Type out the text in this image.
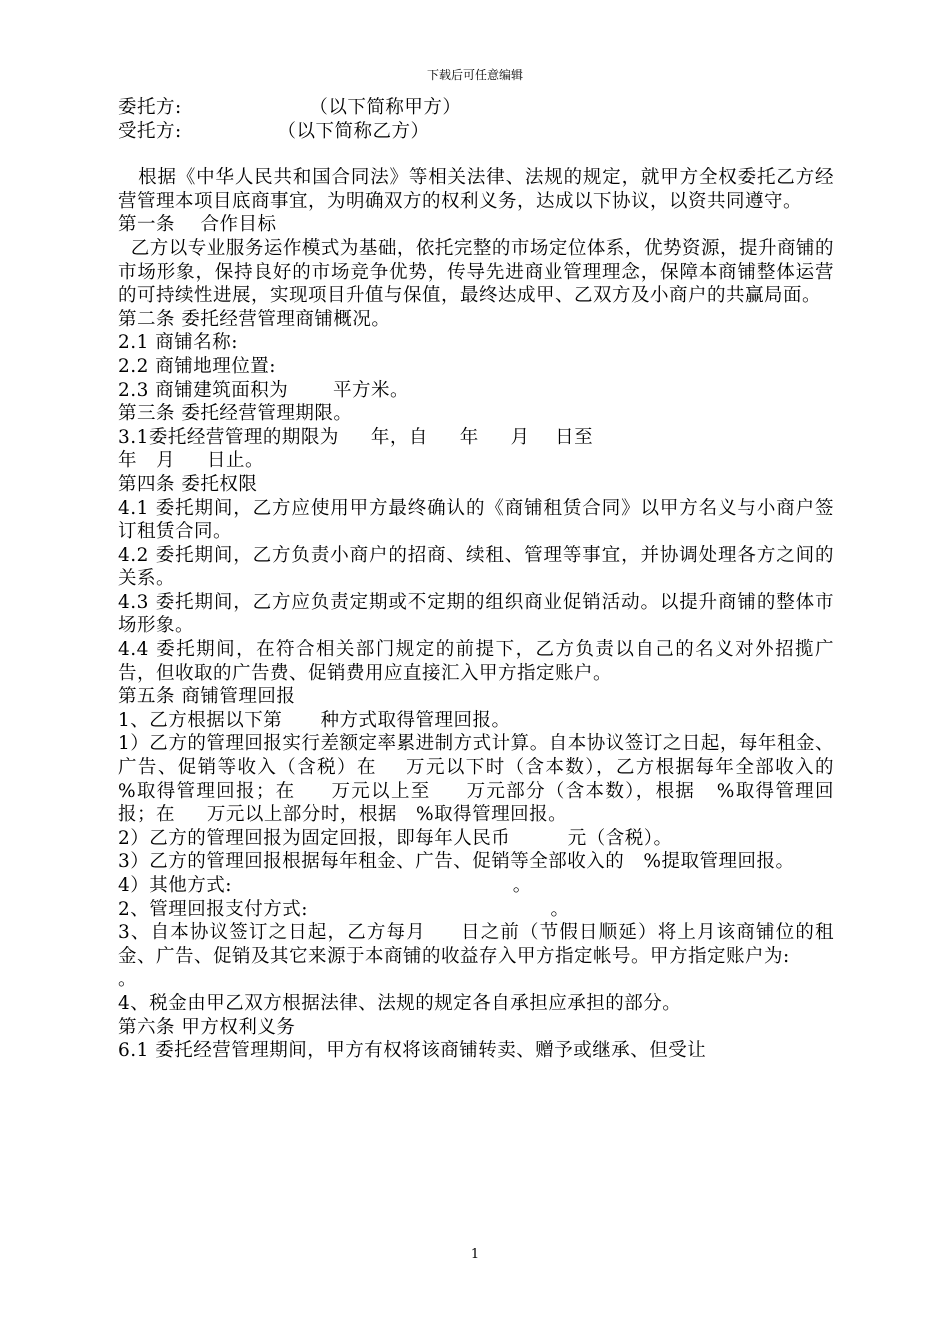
下载后可任意编辑

委托方:                    （以下简称甲方）

受托方:               （以下简称乙方）

根据《中华人民共和国合同法》等相关法律、法规的规定，就甲方全权委托乙方经营管理本项目底商事宜，为明确双方的权利义务，达成以下协议，以资共同遵守。

第一条    合作目标

乙方以专业服务运作模式为基础，依托完整的市场定位体系，优势资源，提升商铺的市场形象，保持良好的市场竞争优势，传导先进商业管理理念，保障本商铺整体运营的可持续性进展，实现项目升值与保值，最终达成甲、乙双方及小商户的共赢局面。

第二条 委托经营管理商铺概况。

2.1 商铺名称:

2.2 商铺地理位置:

2.3 商铺建筑面积为       平方米。

第三条 委托经营管理期限。

3.1委托经营管理的期限为     年，自     年     月    日至

年   月     日止。

第四条 委托权限

4.1 委托期间，乙方应使用甲方最终确认的《商铺租赁合同》以甲方名义与小商户签订租赁合同。

4.2 委托期间，乙方负责小商户的招商、续租、管理等事宜，并协调处理各方之间的关系。

4.3 委托期间，乙方应负责定期或不定期的组织商业促销活动。以提升商铺的整体市场形象。

4.4 委托期间，在符合相关部门规定的前提下，乙方负责以自己的名义对外招揽广告，但收取的广告费、促销费用应直接汇入甲方指定账户。

第五条 商铺管理回报

1、乙方根据以下第      种方式取得管理回报。

1）乙方的管理回报实行差额定率累进制方式计算。自本协议签订之日起，每年租金、广告、促销等收入（含税）在    万元以下时（含本数），乙方根据每年全部收入的    %取得管理回报；在     万元以上至     万元部分（含本数），根据   %取得管理回报；在     万元以上部分时，根据   %取得管理回报。

2）乙方的管理回报为固定回报，即每年人民币         元（含税）。

3）乙方的管理回报根据每年租金、广告、促销等全部收入的   %提取管理回报。

4）其他方式:                                            。

2、管理回报支付方式:                                      。

3、自本协议签订之日起，乙方每月     日之前（节假日顺延）将上月该商铺位的租金、广告、促销及其它来源于本商铺的收益存入甲方指定帐号。甲方指定账户为:

。

4、税金由甲乙双方根据法律、法规的规定各自承担应承担的部分。

第六条 甲方权利义务

6.1 委托经营管理期间，甲方有权将该商铺转卖、赠予或继承、但受让

1
